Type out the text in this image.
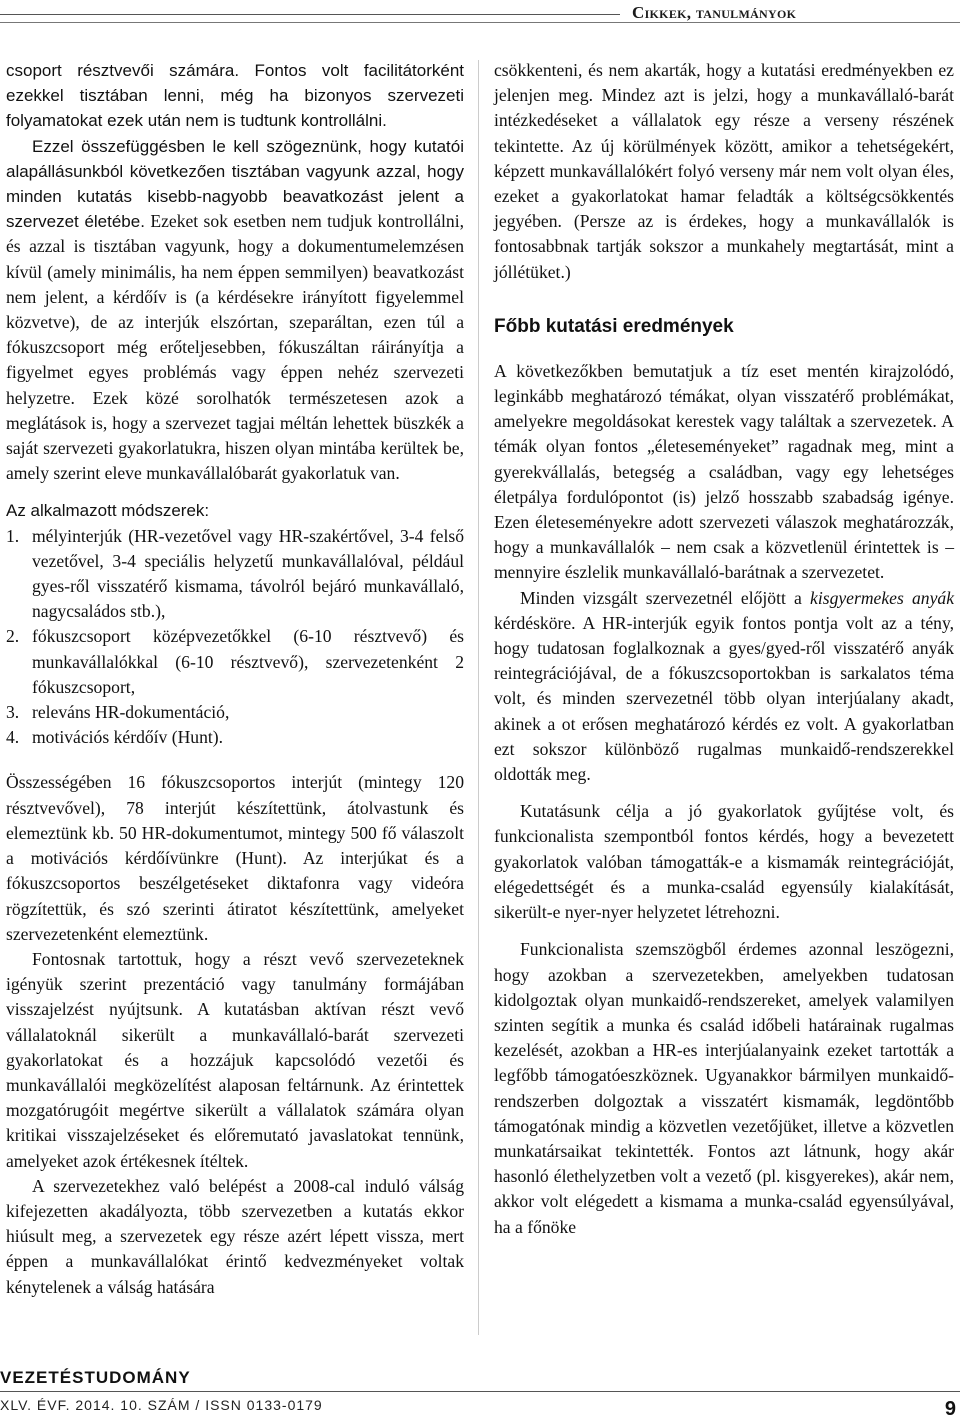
Cikkek, tanulmányok

csoport résztvevői számára. Fontos volt facilitátorként ezekkel tisztában lenni, még ha bizonyos szervezeti folyamatokat ezek után nem is tudtunk kontrollálni.

Ezzel összefüggésben le kell szögeznünk, hogy kutatói alapállásunkból következően tisztában vagyunk azzal, hogy minden kutatás kisebb-nagyobb beavatkozást jelent a szervezet életébe. Ezeket sok esetben nem tudjuk kontrollálni, és azzal is tisztában vagyunk, hogy a dokumentumelemzésen kívül (amely minimális, ha nem éppen semmilyen) beavatkozást nem jelent, a kérdőív is (a kérdésekre irányított figyelemmel közvetve), de az interjúk elszórtan, szeparáltan, ezen túl a fókuszcsoport még erőteljesebben, fókuszáltan ráirányítja a figyelmet egyes problémás vagy éppen nehéz szervezeti helyzetre. Ezek közé sorolhatók természetesen azok a meglátások is, hogy a szervezet tagjai méltán lehettek büszkék a saját szervezeti gyakorlatukra, hiszen olyan mintába kerültek be, amely szerint eleve munkavállalóbarát gyakorlatuk van.

Az alkalmazott módszerek:

1. mélyinterjúk (HR-vezetővel vagy HR-szakértővel, 3-4 felső vezetővel, 3-4 speciális helyzetű munkavállalóval, például gyes-ről visszatérő kismama, távolról bejáró munkavállaló, nagycsaládos stb.),
2. fókuszcsoport középvezetőkkel (6-10 résztvevő) és munkavállalókkal (6-10 résztvevő), szervezetenként 2 fókuszcsoport,
3. releváns HR-dokumentáció,
4. motivációs kérdőív (Hunt).

Összességében 16 fókuszcsoportos interjút (mintegy 120 résztvevővel), 78 interjút készítettünk, átolvastunk és elemeztünk kb. 50 HR-dokumentumot, mintegy 500 fő válaszolt a motivációs kérdőívünkre (Hunt). Az interjúkat és a fókuszcsoportos beszélgetéseket diktafonra vagy videóra rögzítettük, és szó szerinti átiratot készítettünk, amelyeket szervezetenként elemeztünk.

Fontosnak tartottuk, hogy a részt vevő szervezeteknek igényük szerint prezentáció vagy tanulmány formájában visszajelzést nyújtsunk. A kutatásban aktívan részt vevő vállalatoknál sikerült a munkavállaló-barát szervezeti gyakorlatokat és a hozzájuk kapcsolódó vezetői és munkavállalói megközelítést alaposan feltárnunk. Az érintettek mozgatórugóit megértve sikerült a vállalatok számára olyan kritikai visszajelzéseket és előremutató javaslatokat tennünk, amelyeket azok értékesnek ítéltek.

A szervezetekhez való belépést a 2008-cal induló válság kifejezetten akadályozta, több szervezetben a kutatás ekkor hiúsult meg, a szervezetek egy része azért lépett vissza, mert éppen a munkavállalókat érintő kedvezményeket voltak kénytelenek a válság hatására

csökkenteni, és nem akarták, hogy a kutatási eredményekben ez jelenjen meg. Mindez azt is jelzi, hogy a munkavállaló-barát intézkedéseket a vállalatok egy része a verseny részének tekintette. Az új körülmények között, amikor a tehetségekért, képzett munkavállalókért folyó verseny már nem volt olyan éles, ezeket a gyakorlatokat hamar feladták a költségcsökkentés jegyében. (Persze az is érdekes, hogy a munkavállalók is fontosabbnak tartják sokszor a munkahely megtartását, mint a jóllétüket.)

Főbb kutatási eredmények

A következőkben bemutatjuk a tíz eset mentén kirajzolódó, leginkább meghatározó témákat, olyan visszatérő problémákat, amelyekre megoldásokat kerestek vagy találtak a szervezetek. A témák olyan fontos „életeseményeket” ragadnak meg, mint a gyerekvállalás, betegség a családban, vagy egy lehetséges életpálya fordulópontot (is) jelző hosszabb szabadság igénye. Ezen életeseményekre adott szervezeti válaszok meghatározzák, hogy a munkavállalók – nem csak a közvetlenül érintettek is – mennyire észlelik munkavállaló-barátnak a szervezetet.

Minden vizsgált szervezetnél előjött a kisgyermekes anyák kérdésköre. A HR-interjúk egyik fontos pontja volt az a tény, hogy tudatosan foglalkoznak a gyes/gyed-ről visszatérő anyák reintegrációjával, de a fókuszcsoportokban is sarkalatos téma volt, és minden szervezetnél több olyan interjúalany akadt, akinek a ot erősen meghatározó kérdés ez volt. A gyakorlatban ezt sokszor különböző rugalmas munkaidő-rendszerekkel oldották meg.

Kutatásunk célja a jó gyakorlatok gyűjtése volt, és funkcionalista szempontból fontos kérdés, hogy a bevezetett gyakorlatok valóban támogatták-e a kismamák reintegrációját, elégedettségét és a munka-család egyensúly kialakítását, sikerült-e nyer-nyer helyzetet létrehozni.

Funkcionalista szemszögből érdemes azonnal leszögezni, hogy azokban a szervezetekben, amelyekben tudatosan kidolgoztak olyan munkaidő-rendszereket, amelyek valamilyen szinten segítik a munka és család időbeli határainak rugalmas kezelését, azokban a HR-es interjúalanyaink ezeket tartották a legfőbb támogatóeszköznek. Ugyanakkor bármilyen munkaidő-rendszerben dolgoztak a visszatért kismamák, legdöntőbb támogatónak mindig a közvetlen vezetőjüket, illetve a közvetlen munkatársaikat tekintették. Fontos azt látnunk, hogy akár hasonló élethelyzetben volt a vezető (pl. kisgyerekes), akár nem, akkor volt elégedett a kismama a munka-család egyensúlyával, ha a főnöke

VEZETÉSTUDOMÁNY
XLV. ÉVF. 2014. 10. SZÁM / ISSN 0133-0179	9
